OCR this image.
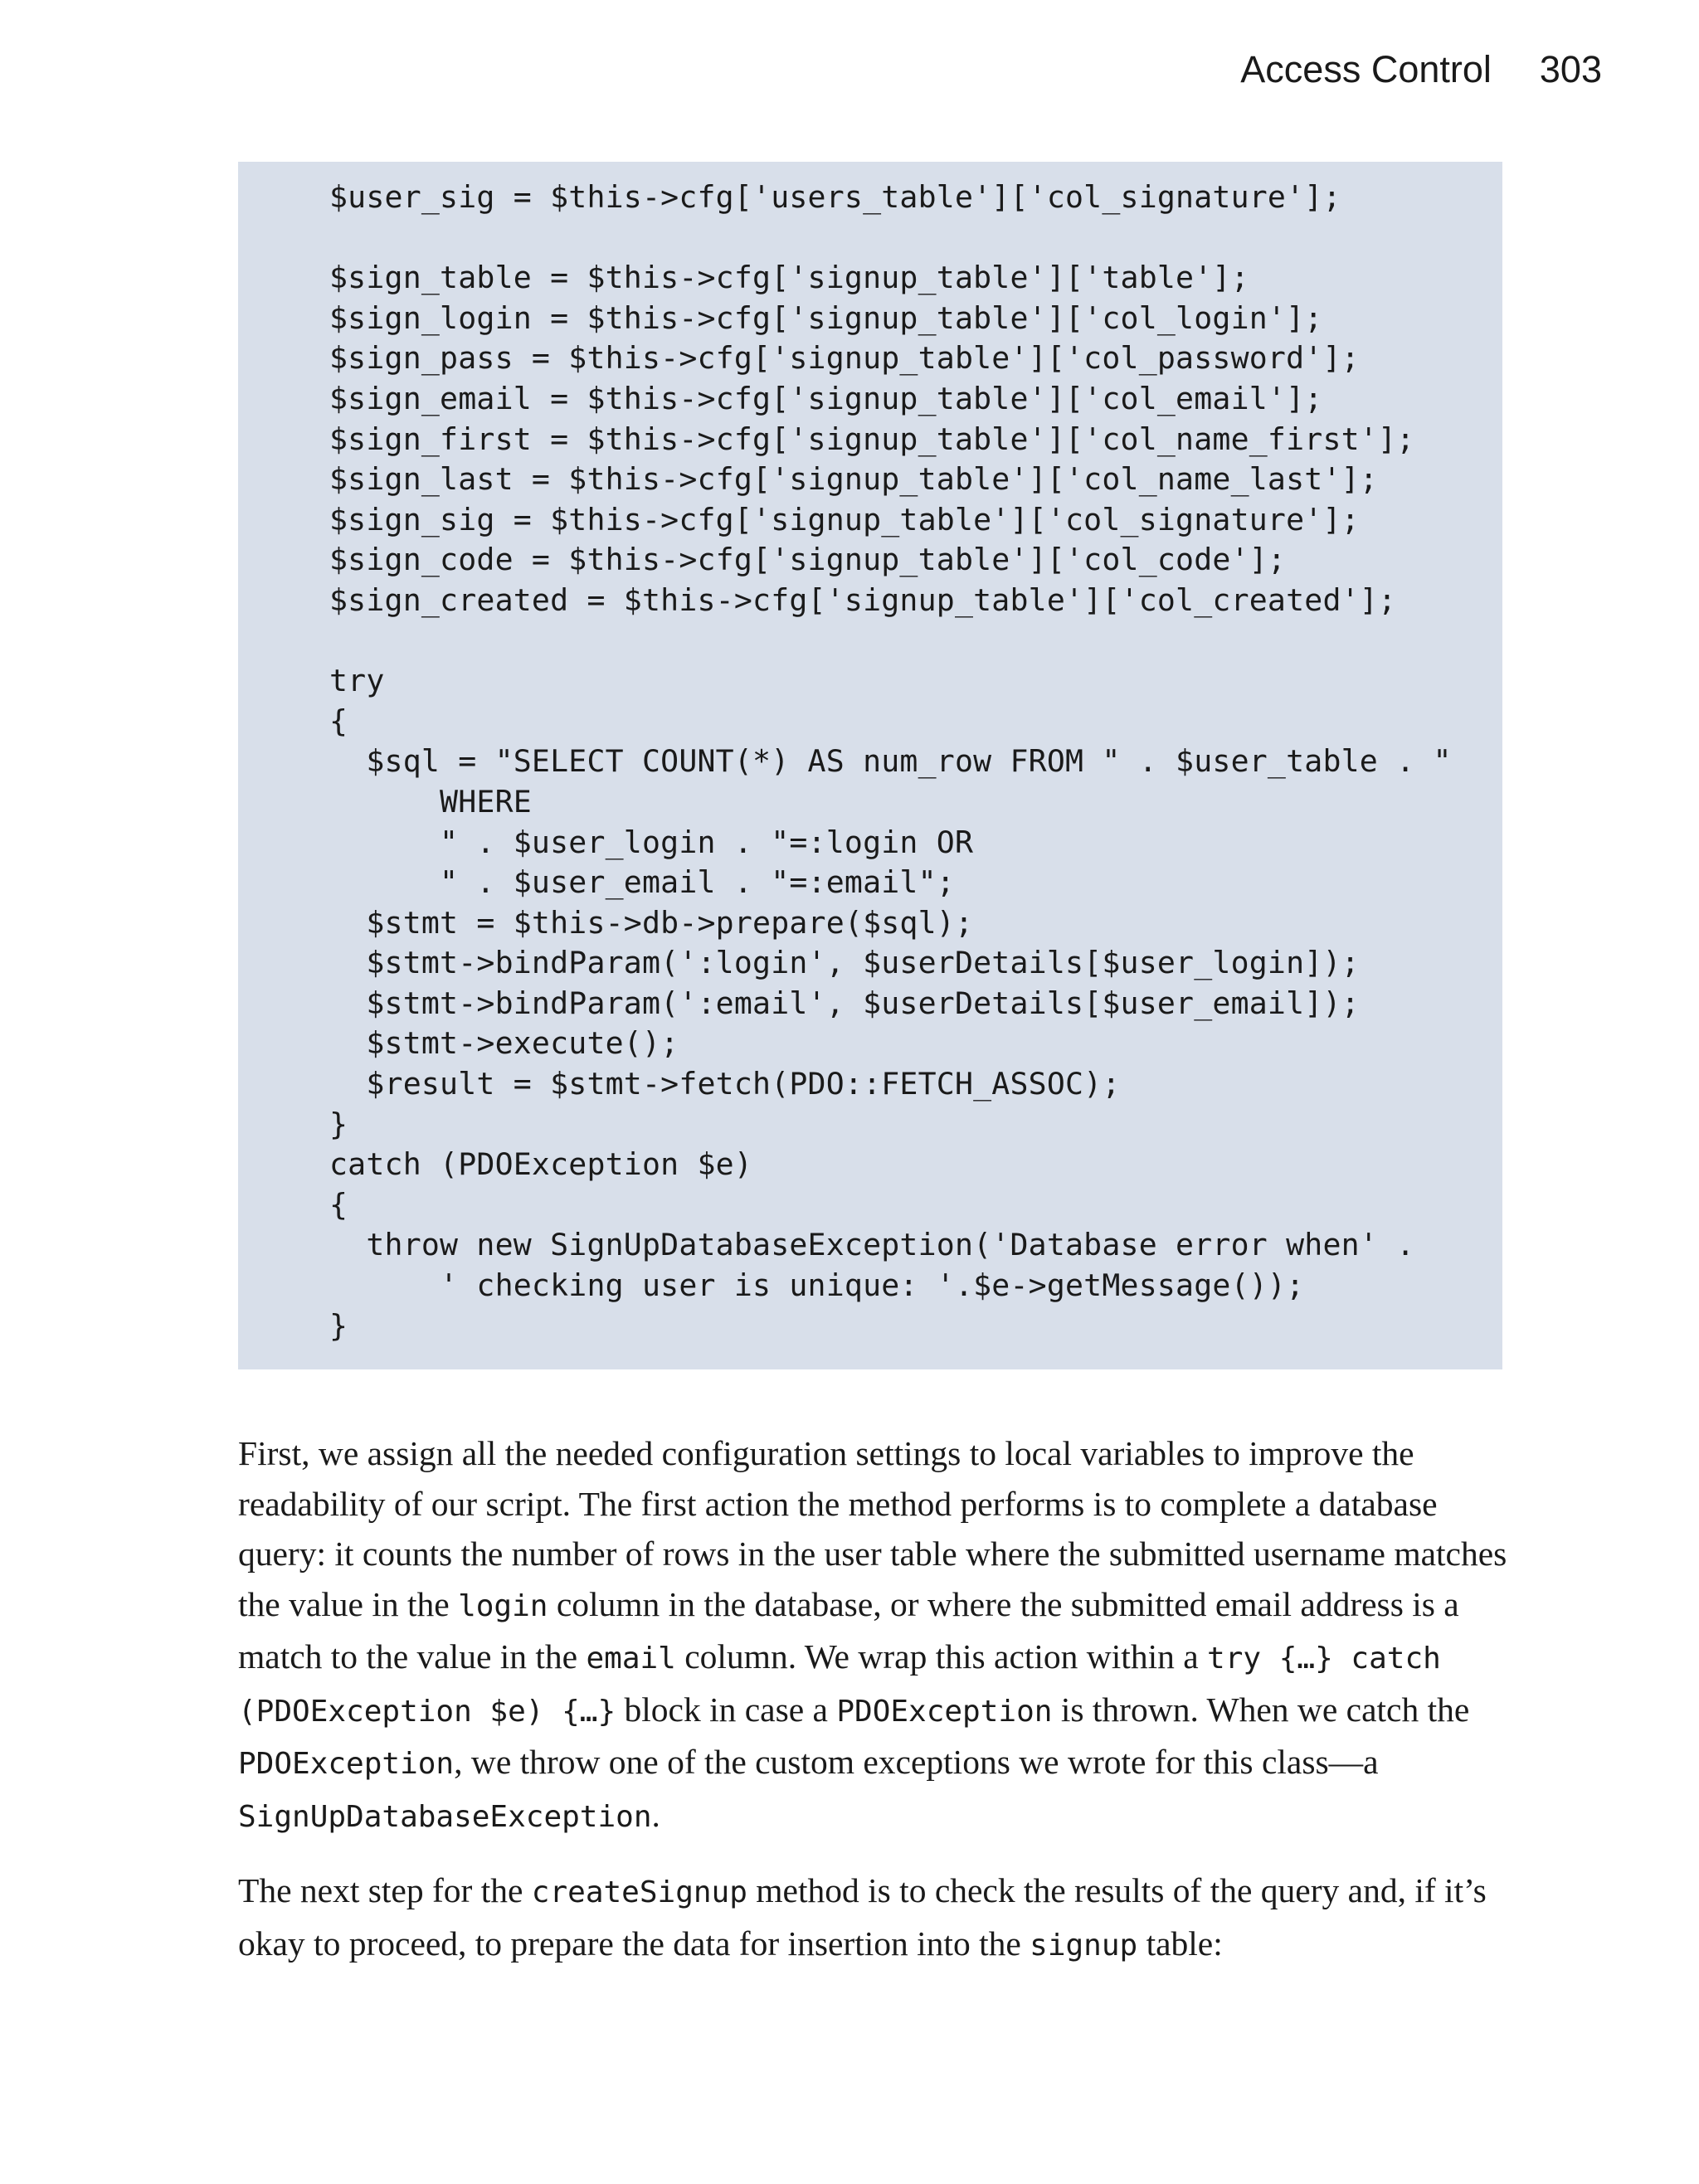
Access Control 303
$user_sig = $this->cfg['users_table']['col_signature'];
$sign_table = $this->cfg['signup_table']['table'];
$sign_login = $this->cfg['signup_table']['col_login'];
$sign_pass = $this->cfg['signup_table']['col_password'];
$sign_email = $this->cfg['signup_table']['col_email'];
$sign_first = $this->cfg['signup_table']['col_name_first'];
$sign_last = $this->cfg['signup_table']['col_name_last'];
$sign_sig = $this->cfg['signup_table']['col_signature'];
$sign_code = $this->cfg['signup_table']['col_code'];
$sign_created = $this->cfg['signup_table']['col_created'];
try
{
$sql = "SELECT COUNT(*) AS num_row FROM " . $user_table . "
WHERE
" . $user_login . "=:login OR
" . $user_email . "=:email";
$stmt = $this->db->prepare($sql);
$stmt->bindParam(':login', $userDetails[$user_login]);
$stmt->bindParam(':email', $userDetails[$user_email]);
$stmt->execute();
$result = $stmt->fetch(PDO::FETCH_ASSOC);
}
catch (PDOException $e)
{
throw new SignUpDatabaseException('Database error when' .
' checking user is unique: '.$e->getMessage());
}

First, we assign all the needed configuration settings to local variables to improve the readability of our script. The first action the method performs is to complete a database query: it counts the number of rows in the user table where the submitted username matches the value in the login column in the database, or where the submitted email address is a match to the value in the email column. We wrap this action within a try {…} catch (PDOException $e) {…} block in case a PDOException is thrown. When we catch the PDOException, we throw one of the custom exceptions we wrote for this class—a SignUpDatabaseException.

The next step for the createSignup method is to check the results of the query and, if it’s okay to proceed, to prepare the data for insertion into the signup table:
